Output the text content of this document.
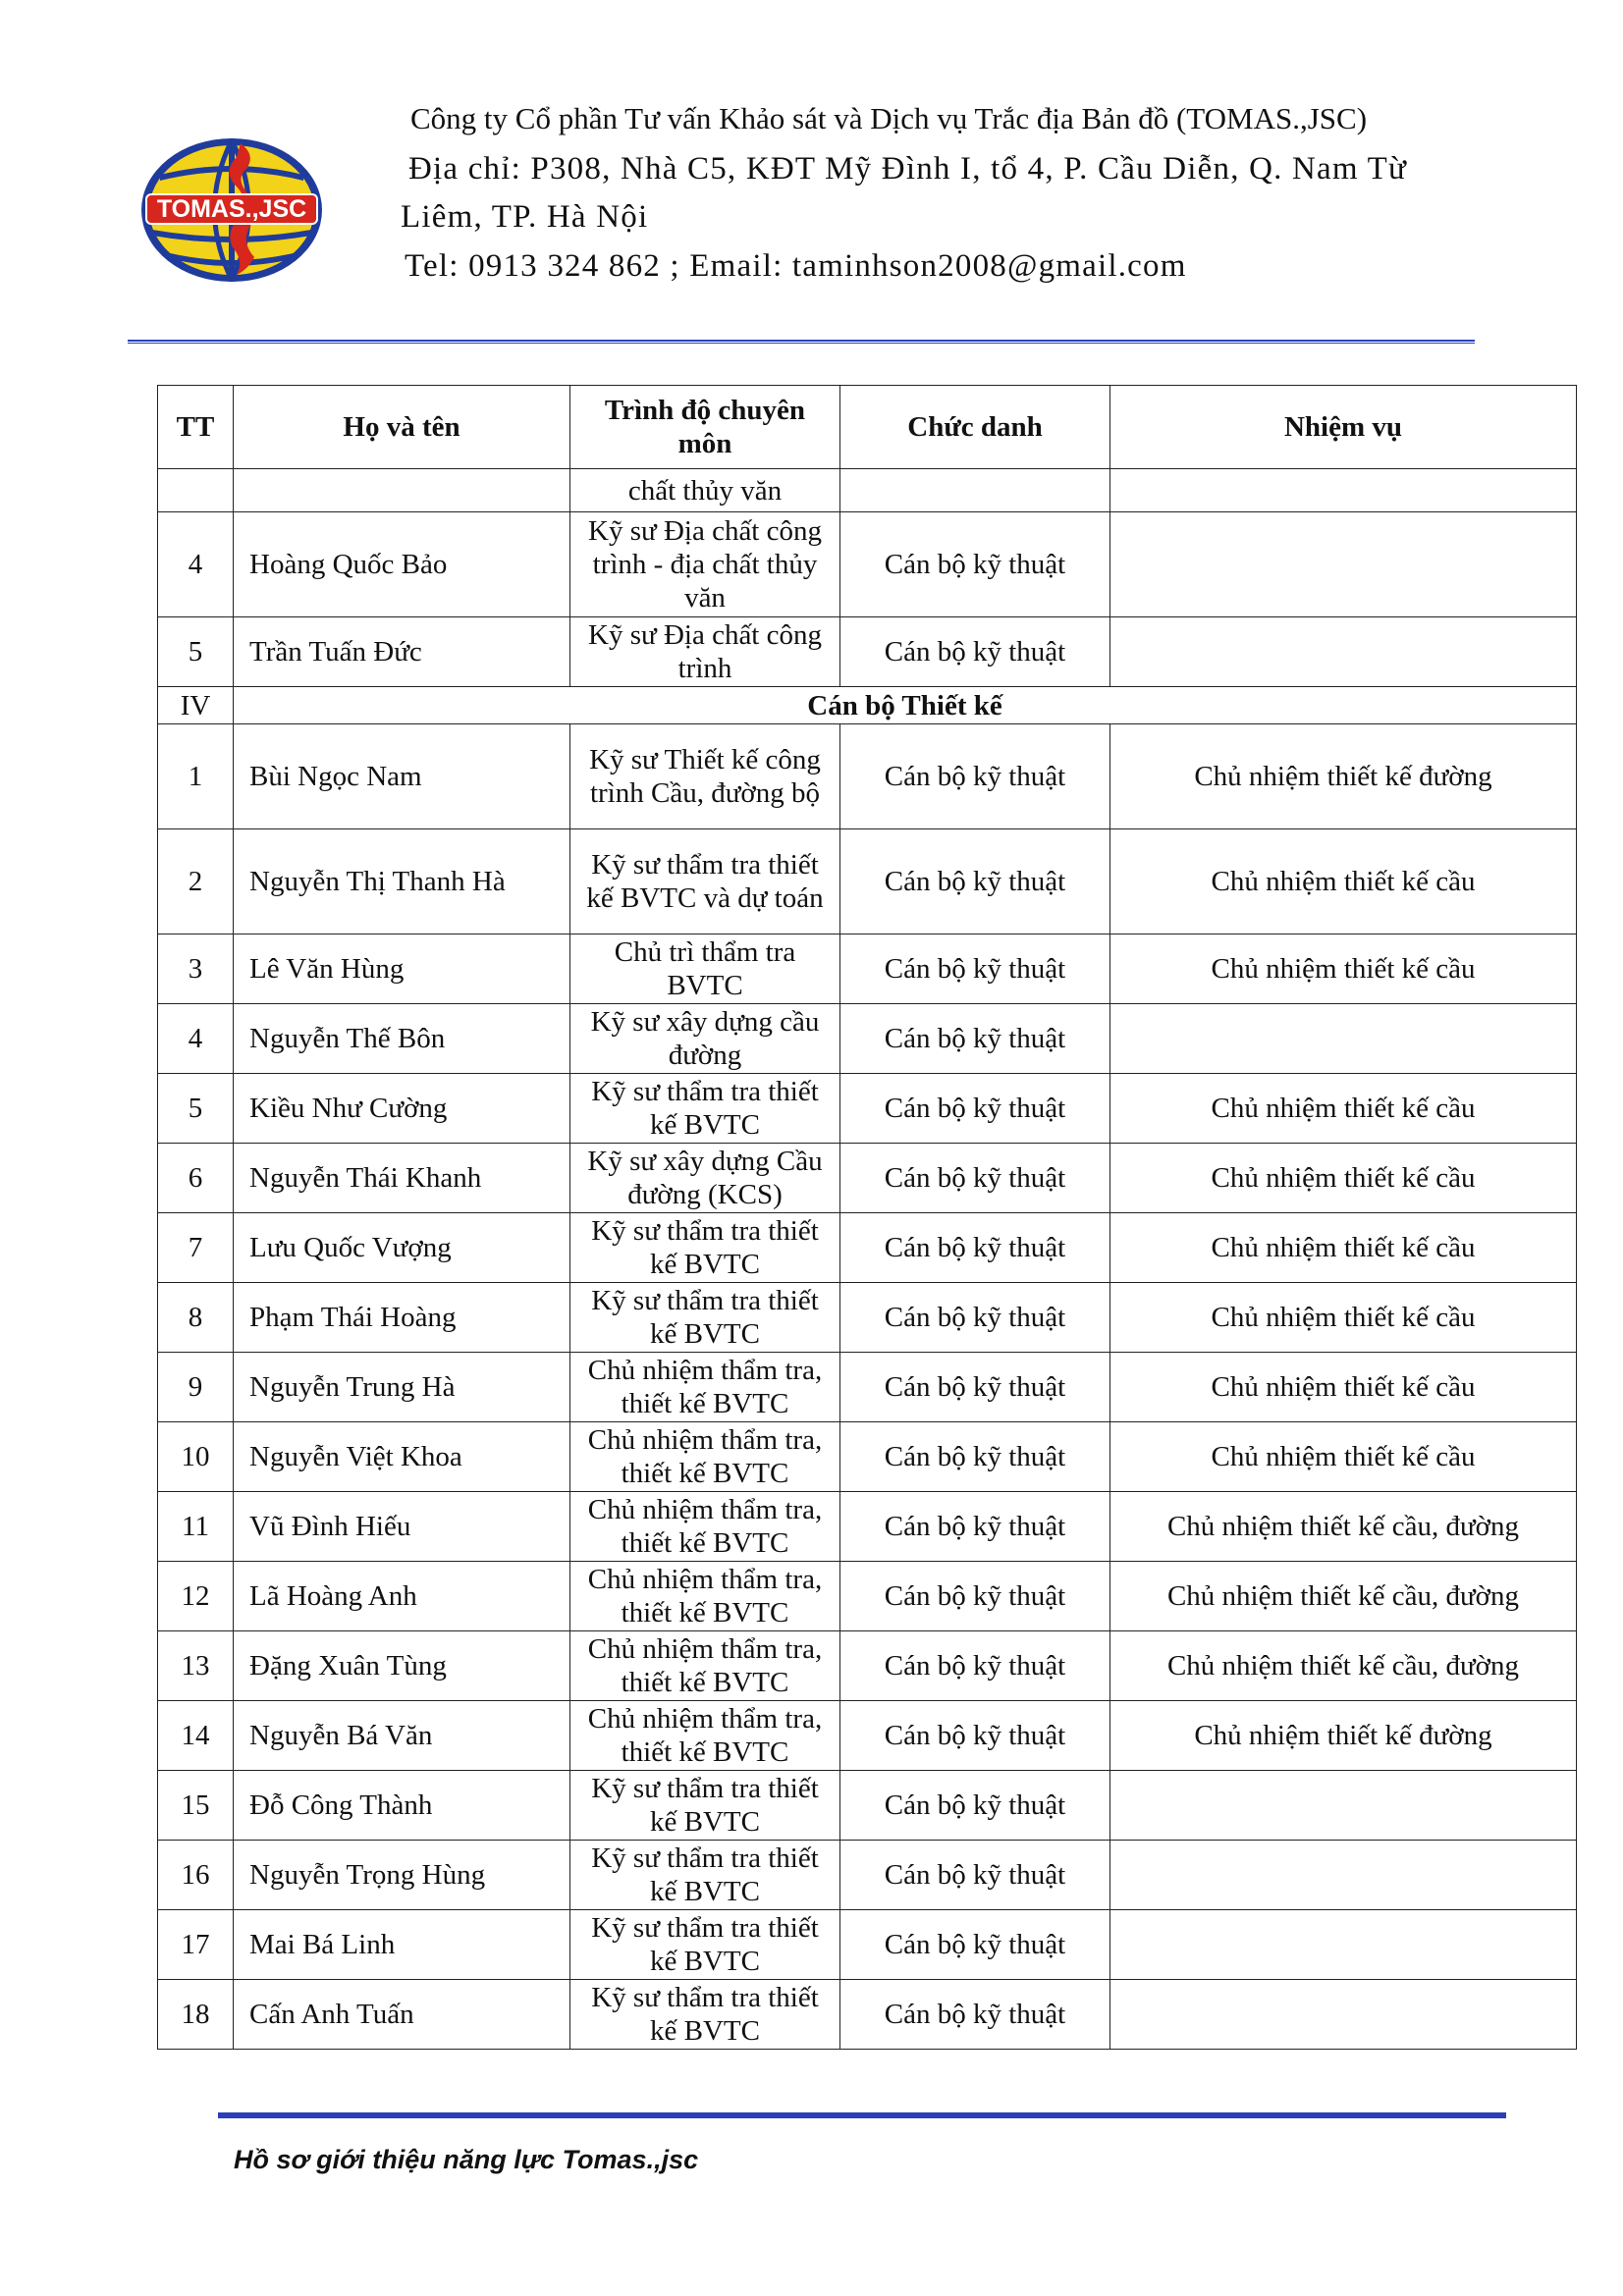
TOMAS.,JSC
Công ty Cổ phần Tư vấn Khảo sát và Dịch vụ Trắc địa Bản đồ (TOMAS.,JSC)
Địa chỉ: P308, Nhà C5, KĐT Mỹ Đình I, tổ 4, P. Cầu Diễn, Q. Nam Từ
Liêm, TP. Hà Nội
Tel: 0913 324 862 ; Email: taminhson2008@gmail.com
TT	Họ và tên	Trình độ chuyên môn	Chức danh	Nhiệm vụ
		chất thủy văn		
4	Hoàng Quốc Bảo	Kỹ sư Địa chất công trình - địa chất thủy văn	Cán bộ kỹ thuật	
5	Trần Tuấn Đức	Kỹ sư Địa chất công trình	Cán bộ kỹ thuật	
IV	Cán bộ Thiết kế			
1	Bùi Ngọc Nam	Kỹ sư Thiết kế công trình Cầu, đường bộ	Cán bộ kỹ thuật	Chủ nhiệm thiết kế đường
2	Nguyễn Thị Thanh Hà	Kỹ sư thẩm tra thiết kế BVTC và dự toán	Cán bộ kỹ thuật	Chủ nhiệm thiết kế cầu
3	Lê Văn Hùng	Chủ trì thẩm tra BVTC	Cán bộ kỹ thuật	Chủ nhiệm thiết kế cầu
4	Nguyễn Thế Bôn	Kỹ sư xây dựng cầu đường	Cán bộ kỹ thuật	
5	Kiều Như Cường	Kỹ sư thẩm tra thiết kế BVTC	Cán bộ kỹ thuật	Chủ nhiệm thiết kế cầu
6	Nguyễn Thái Khanh	Kỹ sư xây dựng Cầu đường (KCS)	Cán bộ kỹ thuật	Chủ nhiệm thiết kế cầu
7	Lưu Quốc Vượng	Kỹ sư thẩm tra thiết kế BVTC	Cán bộ kỹ thuật	Chủ nhiệm thiết kế cầu
8	Phạm Thái Hoàng	Kỹ sư thẩm tra thiết kế BVTC	Cán bộ kỹ thuật	Chủ nhiệm thiết kế cầu
9	Nguyễn Trung Hà	Chủ nhiệm thẩm tra, thiết kế BVTC	Cán bộ kỹ thuật	Chủ nhiệm thiết kế cầu
10	Nguyễn Việt Khoa	Chủ nhiệm thẩm tra, thiết kế BVTC	Cán bộ kỹ thuật	Chủ nhiệm thiết kế cầu
11	Vũ Đình Hiếu	Chủ nhiệm thẩm tra, thiết kế BVTC	Cán bộ kỹ thuật	Chủ nhiệm thiết kế cầu, đường
12	Lã Hoàng Anh	Chủ nhiệm thẩm tra, thiết kế BVTC	Cán bộ kỹ thuật	Chủ nhiệm thiết kế cầu, đường
13	Đặng Xuân Tùng	Chủ nhiệm thẩm tra, thiết kế BVTC	Cán bộ kỹ thuật	Chủ nhiệm thiết kế cầu, đường
14	Nguyễn Bá Văn	Chủ nhiệm thẩm tra, thiết kế BVTC	Cán bộ kỹ thuật	Chủ nhiệm thiết kế đường
15	Đỗ Công Thành	Kỹ sư thẩm tra thiết kế BVTC	Cán bộ kỹ thuật	
16	Nguyễn Trọng Hùng	Kỹ sư thẩm tra thiết kế BVTC	Cán bộ kỹ thuật	
17	Mai Bá Linh	Kỹ sư thẩm tra thiết kế BVTC	Cán bộ kỹ thuật	
18	Cấn Anh Tuấn	Kỹ sư thẩm tra thiết kế BVTC	Cán bộ kỹ thuật	
Hồ sơ giới thiệu năng lực Tomas.,jsc
